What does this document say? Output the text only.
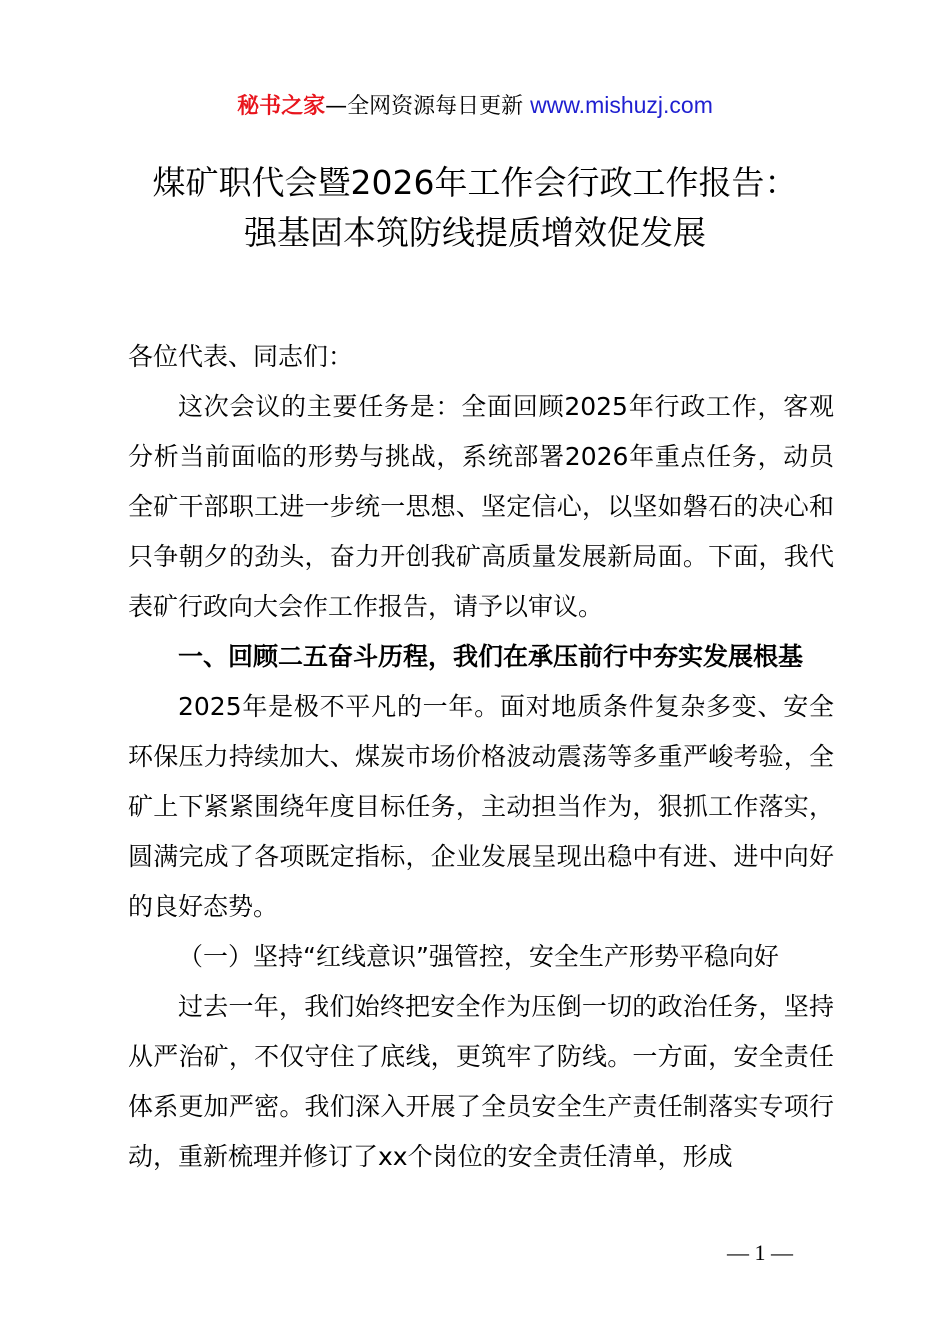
秘书之家—全网资源每日更新 www.mishuzj.com
煤矿职代会暨2026年工作会行政工作报告：
强基固本筑防线提质增效促发展

各位代表、同志们：

这次会议的主要任务是：全面回顾2025年行政工作，客观分析当前面临的形势与挑战，系统部署2026年重点任务，动员全矿干部职工进一步统一思想、坚定信心，以坚如磐石的决心和只争朝夕的劲头，奋力开创我矿高质量发展新局面。下面，我代表矿行政向大会作工作报告，请予以审议。

一、回顾二五奋斗历程，我们在承压前行中夯实发展根基

2025年是极不平凡的一年。面对地质条件复杂多变、安全环保压力持续加大、煤炭市场价格波动震荡等多重严峻考验，全矿上下紧紧围绕年度目标任务，主动担当作为，狠抓工作落实，圆满完成了各项既定指标，企业发展呈现出稳中有进、进中向好的良好态势。

（一）坚持“红线意识”强管控，安全生产形势平稳向好

过去一年，我们始终把安全作为压倒一切的政治任务，坚持从严治矿，不仅守住了底线，更筑牢了防线。一方面，安全责任体系更加严密。我们深入开展了全员安全生产责任制落实专项行动，重新梳理并修订了xx个岗位的安全责任清单，形成

— 1 —
